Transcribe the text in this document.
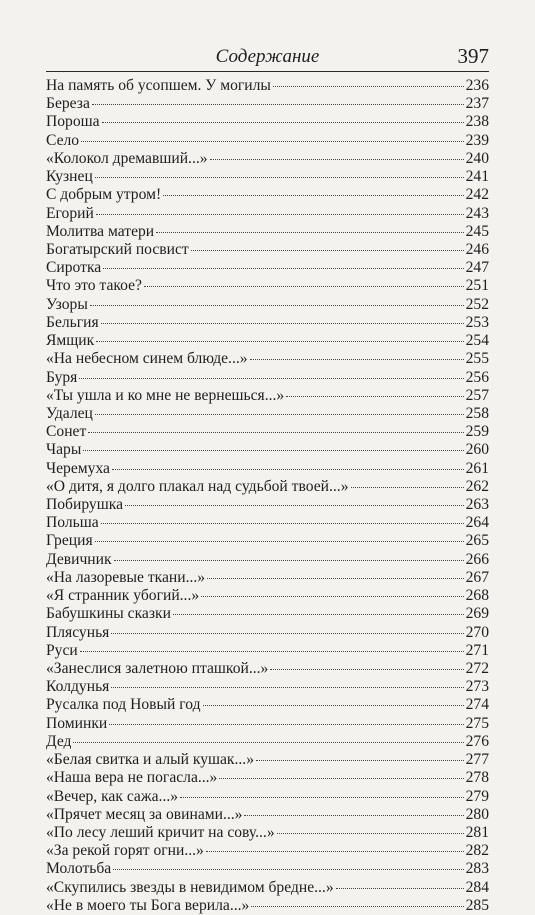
Содержание	397
На память об усопшем. У могилы	236
Береза	237
Пороша	238
Село	239
«Колокол дремавший...»	240
Кузнец	241
С добрым утром!	242
Егорий	243
Молитва матери	245
Богатырский посвист	246
Сиротка	247
Что это такое?	251
Узоры	252
Бельгия	253
Ямщик	254
«На небесном синем блюде...»	255
Буря	256
«Ты ушла и ко мне не вернешься...»	257
Удалец	258
Сонет	259
Чары	260
Черемуха	261
«О дитя, я долго плакал над судьбой твоей...»	262
Побирушка	263
Польша	264
Греция	265
Девичник	266
«На лазоревые ткани...»	267
«Я странник убогий...»	268
Бабушкины сказки	269
Плясунья	270
Руси	271
«Занеслися залетною пташкой...»	272
Колдунья	273
Русалка под Новый год	274
Поминки	275
Дед	276
«Белая свитка и алый кушак...»	277
«Наша вера не погасла...»	278
«Вечер, как сажа...»	279
«Прячет месяц за овинами...»	280
«По лесу леший кричит на сову...»	281
«За рекой горят огни...»	282
Молотьба	283
«Скупились звезды в невидимом бредне...»	284
«Не в моего ты Бога верила...»	285
